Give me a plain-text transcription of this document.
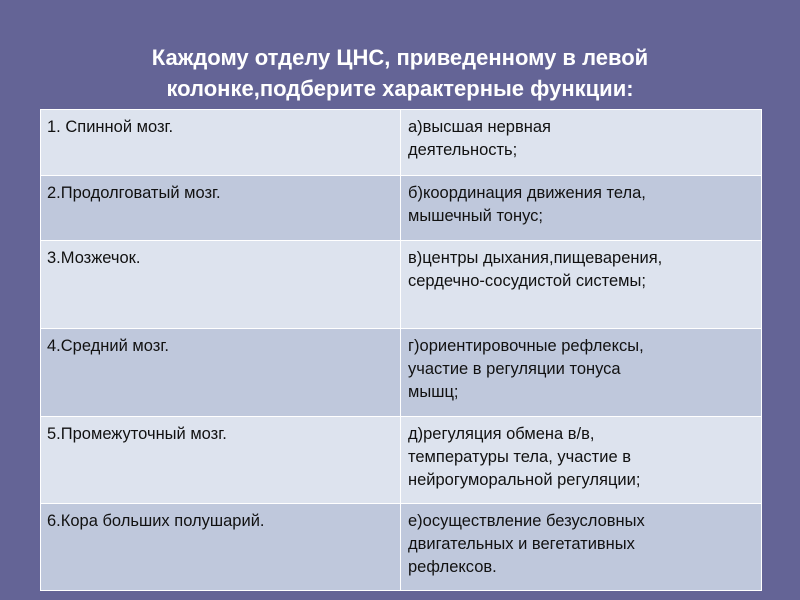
Каждому отделу ЦНС, приведенному в левой
колонке,подберите характерные функции:
1. Спинной мозг.	а)высшая нервная
деятельность;

2.Продолговатый мозг.	б)координация движения тела,
мышечный тонус;

3.Мозжечок.	в)центры дыхания,пищеварения,
сердечно-сосудистой системы;

4.Средний мозг.	г)ориентировочные рефлексы,
участие в регуляции тонуса
мышц;

5.Промежуточный мозг.	д)регуляция обмена в/в,
температуры тела, участие в
нейрогуморальной регуляции;

6.Кора больших полушарий.	е)осуществление безусловных
двигательных и вегетативных
рефлексов.
